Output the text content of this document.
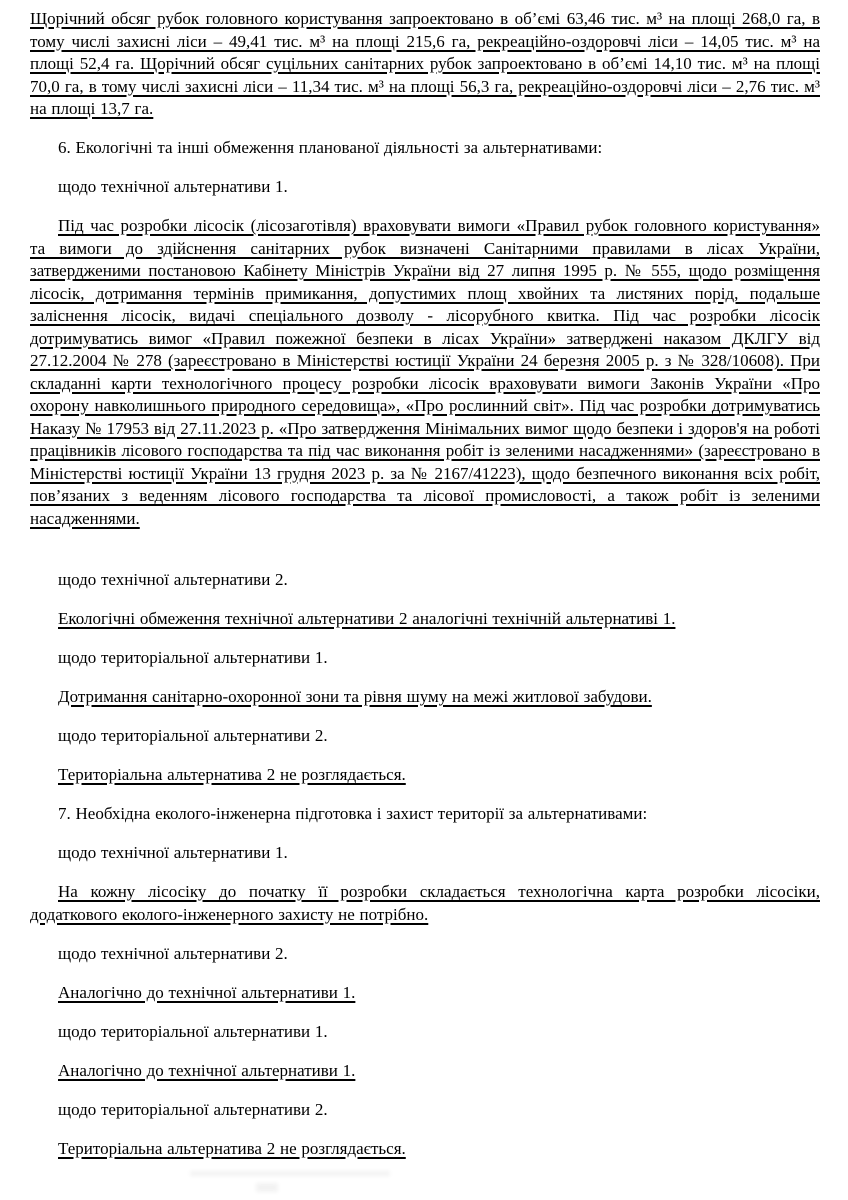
Щорічний обсяг рубок головного користування запроектовано в об’ємі 63,46 тис. м³ на площі 268,0 га, в тому числі захисні ліси – 49,41 тис. м³ на площі 215,6 га, рекреаційно-оздоровчі ліси – 14,05 тис. м³ на площі 52,4 га. Щорічний обсяг суцільних санітарних рубок запроектовано в об’ємі 14,10 тис. м³ на площі 70,0 га, в тому числі захисні ліси – 11,34 тис. м³ на площі 56,3 га, рекреаційно-оздоровчі ліси – 2,76 тис. м³ на площі 13,7 га.

6. Екологічні та інші обмеження планованої діяльності за альтернативами:

щодо технічної альтернативи 1.

Під час розробки лісосік (лісозаготівля) враховувати вимоги «Правил рубок головного користування» та вимоги до здійснення санітарних рубок визначені Санітарними правилами в лісах України, затвердженими постановою Кабінету Міністрів України від 27 липня 1995 р. № 555, щодо розміщення лісосік, дотримання термінів примикання, допустимих площ хвойних та листяних порід, подальше заліснення лісосік, видачі спеціального дозволу - лісорубного квитка. Під час розробки лісосік дотримуватись вимог «Правил пожежної безпеки в лісах України» затверджені наказом ДКЛГУ від 27.12.2004 № 278 (зареєстровано в Міністерстві юстиції України 24 березня 2005 р. з № 328/10608). При складанні карти технологічного процесу розробки лісосік враховувати вимоги Законів України «Про охорону навколишнього природного середовища», «Про рослинний світ». Під час розробки дотримуватись Наказу № 17953 від 27.11.2023 р. «Про затвердження Мінімальних вимог щодо безпеки і здоров'я на роботі працівників лісового господарства та під час виконання робіт із зеленими насадженнями» (зареєстровано в Міністерстві юстиції України 13 грудня 2023 р. за № 2167/41223), щодо безпечного виконання всіх робіт, пов’язаних з веденням лісового господарства та лісової промисловості, а також робіт із зеленими насадженнями.

щодо технічної альтернативи 2.

Екологічні обмеження технічної альтернативи 2 аналогічні технічній альтернативі 1.

щодо територіальної альтернативи 1.

Дотримання санітарно-охоронної зони та рівня шуму на межі житлової забудови.

щодо територіальної альтернативи 2.

Територіальна альтернатива 2 не розглядається.

7. Необхідна еколого-інженерна підготовка і захист території за альтернативами:

щодо технічної альтернативи 1.

На кожну лісосіку до початку її розробки складається технологічна карта розробки лісосіки, додаткового еколого-інженерного захисту не потрібно.

щодо технічної альтернативи 2.

Аналогічно до технічної альтернативи 1.

щодо територіальної альтернативи 1.

Аналогічно до технічної альтернативи 1.

щодо територіальної альтернативи 2.

Територіальна альтернатива 2 не розглядається.
